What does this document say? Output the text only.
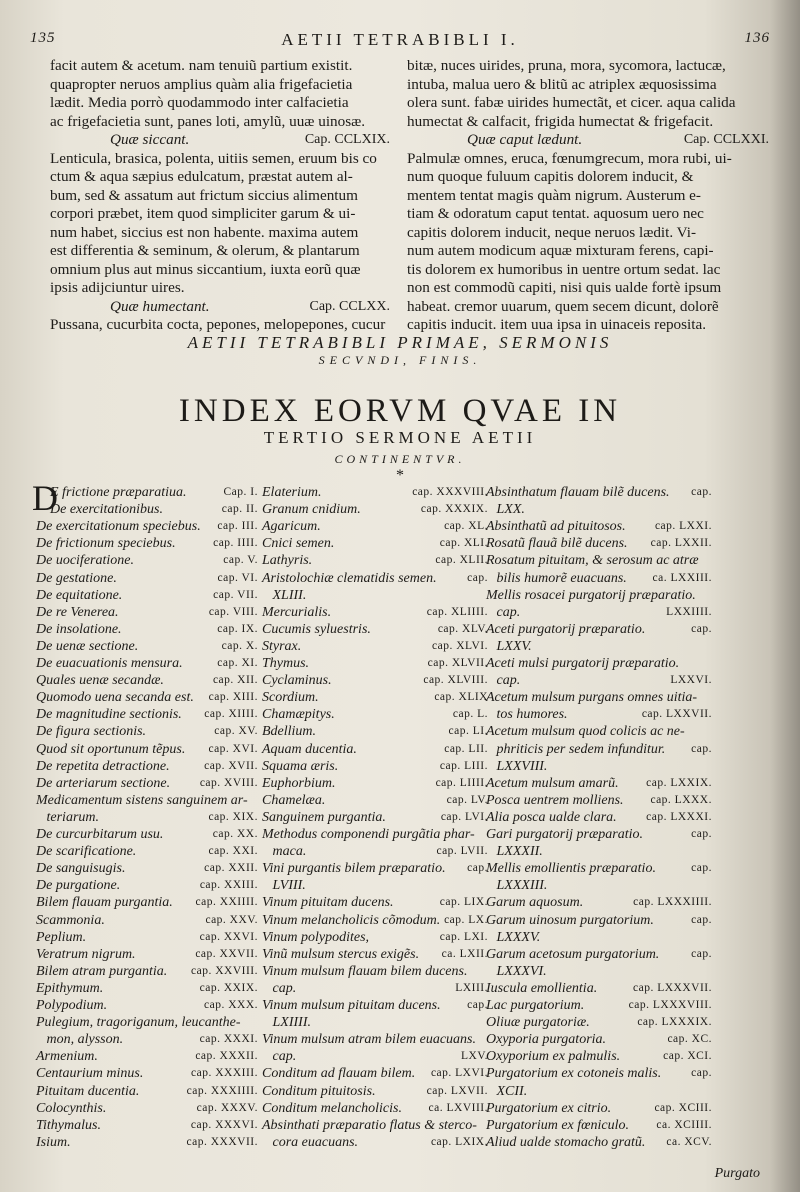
135	AETII TETRABIBLI I.	136
facit autem & acetum. nam tenuiũ partium existit.
quapropter neruos amplius quàm alia frigefacietia
lædit. Media porrò quodammodo inter calfacietia
ac frigefacietia sunt, panes loti, amylũ, uuæ uinosæ.
Quæ siccant.	Cap. CCLXIX.
Lenticula, brasica, polenta, uitiis semen, eruum bis co
ctum & aqua sæpius edulcatum, præstat autem al-
bum, sed & assatum aut frictum siccius alimentum
corpori præbet, item quod simpliciter garum & ui-
num habet, siccius est non habente. maxima autem
est differentia & seminum, & olerum, & plantarum
omnium plus aut minus siccantium, iuxta eorũ quæ
ipsis adijciuntur uires.
Quæ humectant.	Cap. CCLXX.
Pussana, cucurbita cocta, pepones, melopepones, cucur
bitæ, nuces uirides, pruna, mora, sycomora, lactucæ,
intuba, malua uero & blitũ ac atriplex æquosissima
olera sunt. fabæ uirides humectãt, et cicer. aqua calida
humectat & calfacit, frigida humectat & frigefacit.
Quæ caput lædunt.	Cap. CCLXXI.
Palmulæ omnes, eruca, fœnumgrecum, mora rubi, ui-
num quoque fuluum capitis dolorem inducit, &
mentem tentat magis quàm nigrum. Austerum e-
tiam & odoratum caput tentat. aquosum uero nec
capitis dolorem inducit, neque neruos lædit. Vi-
num autem modicum aquæ mixturam ferens, capi-
tis dolorem ex humoribus in uentre ortum sedat. lac
non est commodũ capiti, nisi quis ualde fortè ipsum
habeat. cremor uuarum, quem secem dicunt, dolorẽ
capitis inducit. item uua ipsa in uinaceis reposita.
AETII TETRABIBLI PRIMAE, SERMONIS
SECVNDI, FINIS.
INDEX EORVM QVAE IN
TERTIO SERMONE AETII
CONTINENTVR.
*
D
E frictione præparatiua.	Cap. I.
De exercitationibus.	cap. II.
De exercitationum speciebus. cap. III.
De frictionum speciebus.	cap. IIII.
De uociferatione.	cap. V.
De gestatione.	cap. VI.
De equitatione.	cap. VII.
De re Venerea.	cap. VIII.
De insolatione.	cap. IX.
De uenæ sectione.	cap. X.
De euacuationis mensura.	cap. XI.
Quales uenæ secandæ.	cap. XII.
Quomodo uena secanda est. cap. XIII.
De magnitudine sectionis. cap. XIIII.
De figura sectionis.	cap. XV.
Quod sit oportunum tẽpus. cap. XVI.
De repetita detractione.	cap. XVII.
De arteriarum sectione.	cap. XVIII.
Medicamentum sistens sanguinem ar-
teriarum.	cap. XIX.
De curcurbitarum usu.	cap. XX.
De scarificatione.	cap. XXI.
De sanguisugis.	cap. XXII.
De purgatione.	cap. XXIII.
Bilem flauam purgantia. cap. XXIIII.
Scammonia.	cap. XXV.
Peplium.	cap. XXVI.
Veratrum nigrum.	cap. XXVII.
Bilem atram purgantia. cap. XXVIII.
Epithymum.	cap. XXIX.
Polypodium.	cap. XXX.
Pulegium, tragoriganum, leucanthe-
mon, alysson.	cap. XXXI.
Armenium.	cap. XXXII.
Centaurium minus.	cap. XXXIII.
Pituitam ducentia.	cap. XXXIIII.
Colocynthis.	cap. XXXV.
Tithymalus.	cap. XXXVI.
Isium.	cap. XXXVII.
Elaterium.	cap. XXXVIII.
Granum cnidium.	cap. XXXIX.
Agaricum.	cap. XL.
Cnici semen.	cap. XLI.
Lathyris.	cap. XLII.
Aristolochiæ clematidis semen.	cap.
XLIII.
Mercurialis.	cap. XLIIII.
Cucumis syluestris.	cap. XLV.
Styrax.	cap. XLVI.
Thymus.	cap. XLVII.
Cyclaminus.	cap. XLVIII.
Scordium.	cap. XLIX
Chamæpitys.	cap. L.
Bdellium.	cap. LI.
Aquam ducentia.	cap. LII.
Squama æris.	cap. LIII.
Euphorbium.	cap. LIIII.
Chamelæa.	cap. LV.
Sanguinem purgantia.	cap. LVI.
Methodus componendi purgãtia phar-
maca.	cap. LVII.
Vini purgantis bilem præparatio. cap.
LVIII.
Vinum pituitam ducens.	cap. LIX.
Vinum melancholicis cõmodum. cap. LX.
Vinum polypodites,	cap. LXI.
Vinũ mulsum stercus exigẽs. ca. LXII.
Vinum mulsum flauam bilem ducens.
cap.	LXIII.
Vinum mulsum pituitam ducens. cap.
LXIIII.
Vinum mulsum atram bilem euacuans.
cap.	LXV.
Conditum ad flauam bilem. cap. LXVI.
Conditum pituitosis.	cap. LXVII.
Conditum melancholicis. ca. LXVIII.
Absinthati præparatio flatus & sterco-
cora euacuans.	cap. LXIX.
Absinthatum flauam bilẽ ducens. cap.
LXX.
Absinthatũ ad pituitosos.	cap. LXXI.
Rosatũ flauã bilẽ ducens. cap. LXXII.
Rosatum pituitam, & serosum ac atræ
bilis humorẽ euacuans. ca. LXXIII.
Mellis rosacei purgatorij præparatio.
cap.	LXXIIII.
Aceti purgatorij præparatio.	cap.
LXXV.
Aceti mulsi purgatorij præparatio.
cap.	LXXVI.
Acetum mulsum purgans omnes uitia-
tos humores.	cap. LXXVII.
Acetum mulsum quod colicis ac ne-
phriticis per sedem infunditur. cap.
LXXVIII.
Acetum mulsum amarũ. cap. LXXIX.
Posca uentrem molliens. cap. LXXX.
Alia posca ualde clara.	cap. LXXXI.
Gari purgatorij præparatio.	cap.
LXXXII.
Mellis emollientis præparatio.	cap.
LXXXIII.
Garum aquosum.	cap. LXXXIIII.
Garum uinosum purgatorium.	cap.
LXXXV.
Garum acetosum purgatorium.	cap.
LXXXVI.
Iuscula emollientia.	cap. LXXXVII.
Lac purgatorium.	cap. LXXXVIII.
Oliuæ purgatoriæ.	cap. LXXXIX.
Oxyporia purgatoria.	cap. XC.
Oxyporium ex palmulis.	cap. XCI.
Purgatorium ex cotoneis malis.	cap.
XCII.
Purgatorium ex citrio.	cap. XCIII.
Purgatorium ex fœniculo. ca. XCIIII.
Aliud ualde stomacho gratũ. ca. XCV.
Purgato
